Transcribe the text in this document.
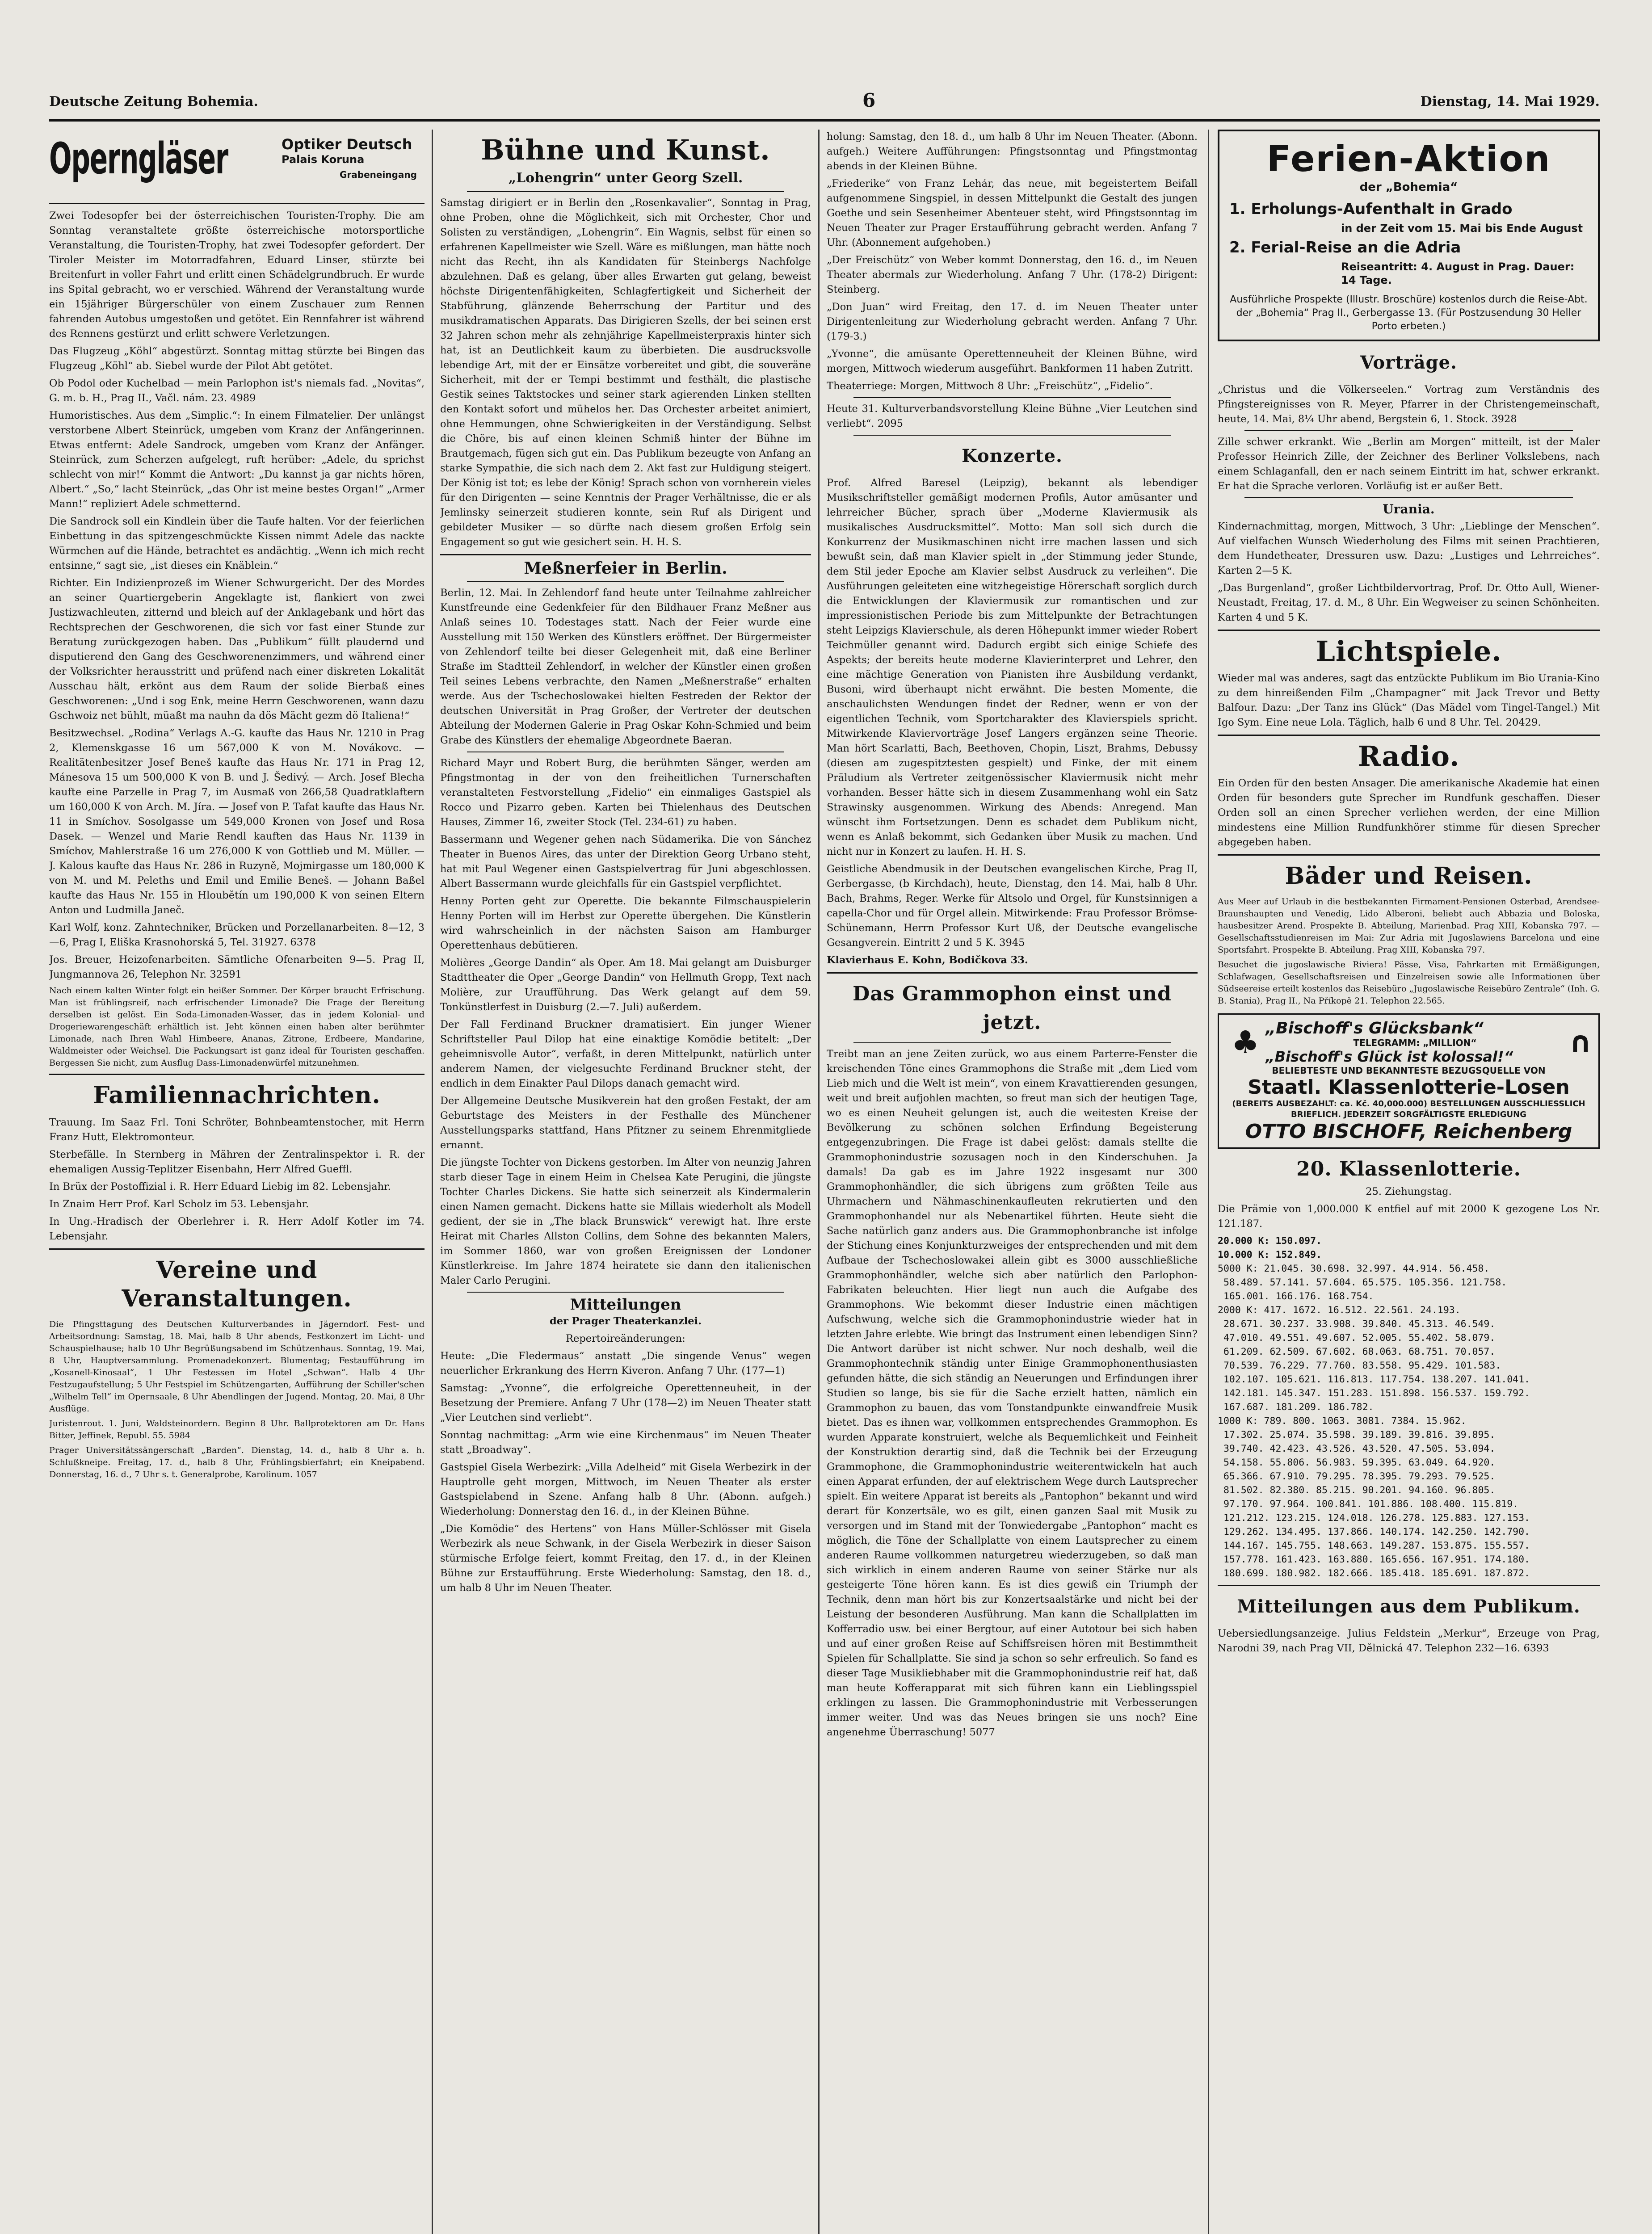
Deutsche Zeitung Bohemia.	6	Dienstag, 14. Mai 1929.
Operngläser	Optiker Deutsch
Palais Koruna
Grabeneingang

Zwei Todesopfer bei der österreichischen Touristen-Trophy. Die am Sonntag veranstaltete größte österreichische motorsportliche Veranstaltung, die Touristen-Trophy, hat zwei Todesopfer gefordert. Der Tiroler Meister im Motorradfahren, Eduard Linser, stürzte bei Breitenfurt in voller Fahrt und erlitt einen Schädelgrundbruch. Er wurde ins Spital gebracht, wo er verschied. Während der Veranstaltung wurde ein 15jähriger Bürgerschüler von einem Zuschauer zum Rennen fahrenden Autobus umgestoßen und getötet. Ein Rennfahrer ist während des Rennens gestürzt und erlitt schwere Verletzungen.

Das Flugzeug „Köhl“ abgestürzt. Sonntag mittag stürzte bei Bingen das Flugzeug „Köhl“ ab. Siebel wurde der Pilot Abt getötet.

Ob Podol oder Kuchelbad — mein Parlophon ist's niemals fad. „Novitas“, G. m. b. H., Prag II., Vačl. nám. 23. 4989

Humoristisches. Aus dem „Simplic.“: In einem Filmatelier. Der unlängst verstorbene Albert Steinrück, umgeben vom Kranz der Anfängerinnen. Etwas entfernt: Adele Sandrock, umgeben vom Kranz der Anfänger. Steinrück, zum Scherzen aufgelegt, ruft herüber: „Adele, du sprichst schlecht von mir!“ Kommt die Antwort: „Du kannst ja gar nichts hören, Albert.“ „So,“ lacht Steinrück, „das Ohr ist meine bestes Organ!“ „Armer Mann!“ repliziert Adele schmetternd.

Die Sandrock soll ein Kindlein über die Taufe halten. Vor der feierlichen Einbettung in das spitzengeschmückte Kissen nimmt Adele das nackte Würmchen auf die Hände, betrachtet es andächtig. „Wenn ich mich recht entsinne,“ sagt sie, „ist dieses ein Knäblein.“

Richter. Ein Indizienprozeß im Wiener Schwurgericht. Der des Mordes an seiner Quartiergeberin Angeklagte ist, flankiert von zwei Justizwachleuten, zitternd und bleich auf der Anklagebank und hört das Rechtsprechen der Geschworenen, die sich vor fast einer Stunde zur Beratung zurückgezogen haben. Das „Publikum“ füllt plaudernd und disputierend den Gang des Geschworenenzimmers, und während einer der Volksrichter herausstritt und prüfend nach einer diskreten Lokalität Ausschau hält, erkönt aus dem Raum der solide Bierbaß eines Geschworenen: „Und i sog Enk, meine Herrn Geschworenen, wann dazu Gschwoiz net bühlt, müaßt ma nauhn da dös Mächt gezm dö Italiena!“

Besitzwechsel. „Rodina“ Verlags A.-G. kaufte das Haus Nr. 1210 in Prag 2, Klemenskgasse 16 um 567,000 K von M. Novákovc. — Realitätenbesitzer Josef Beneš kaufte das Haus Nr. 171 in Prag 12, Mánesova 15 um 500,000 K von B. und J. Šedivý. — Arch. Josef Blecha kaufte eine Parzelle in Prag 7, im Ausmaß von 266,58 Quadratklaftern um 160,000 K von Arch. M. Jíra. — Josef von P. Tafat kaufte das Haus Nr. 11 in Smíchov. Sosolgasse um 549,000 Kronen von Josef und Rosa Dasek. — Wenzel und Marie Rendl kauften das Haus Nr. 1139 in Smíchov, Mahlerstraße 16 um 276,000 K von Gottlieb und M. Müller. — J. Kalous kaufte das Haus Nr. 286 in Ruzyně, Mojmirgasse um 180,000 K von M. und M. Peleths und Emil und Emilie Beneš. — Johann Baßel kaufte das Haus Nr. 155 in Hloubětín um 190,000 K von seinen Eltern Anton und Ludmilla Janeč.

Karl Wolf, konz. Zahntechniker, Brücken und Porzellanarbeiten. 8—12, 3—6, Prag I, Eliška Krasnohorská 5, Tel. 31927. 6378

Jos. Breuer, Heizofenarbeiten. Sämtliche Ofenarbeiten 9—5. Prag II, Jungmannova 26, Telephon Nr. 32591

Nach einem kalten Winter folgt ein heißer Sommer. Der Körper braucht Erfrischung. Man ist frühlingsreif, nach erfrischender Limonade? Die Frage der Bereitung derselben ist gelöst. Ein Soda-Limonaden-Wasser, das in jedem Kolonial- und Drogeriewarengeschäft erhältlich ist. Jeht können einen haben alter berühmter Limonade, nach Ihren Wahl Himbeere, Ananas, Zitrone, Erdbeere, Mandarine, Waldmeister oder Weichsel. Die Packungsart ist ganz ideal für Touristen geschaffen. Bergessen Sie nicht, zum Ausflug Dass-Limonadenwürfel mitzunehmen.

Familiennachrichten.

Trauung. Im Saaz Frl. Toni Schröter, Bohnbeamtenstocher, mit Herrn Franz Hutt, Elektromonteur.

Sterbefälle. In Sternberg in Mähren der Zentralinspektor i. R. der ehemaligen Aussig-Teplitzer Eisenbahn, Herr Alfred Gueffl.

In Brüx der Postoffizial i. R. Herr Eduard Liebig im 82. Lebensjahr.

In Znaim Herr Prof. Karl Scholz im 53. Lebensjahr.

In Ung.-Hradisch der Oberlehrer i. R. Herr Adolf Kotler im 74. Lebensjahr.

Vereine und Veranstaltungen.

Die Pfingsttagung des Deutschen Kulturverbandes in Jägerndorf. Fest- und Arbeitsordnung: Samstag, 18. Mai, halb 8 Uhr abends, Festkonzert im Licht- und Schauspielhause; halb 10 Uhr Begrüßungsabend im Schützenhaus. Sonntag, 19. Mai, 8 Uhr, Hauptversammlung. Promenadekonzert. Blumentag; Festaufführung im „Kosanell-Kinosaal“, 1 Uhr Festessen im Hotel „Schwan“. Halb 4 Uhr Festzugaufstellung; 5 Uhr Festspiel im Schützengarten, Aufführung der Schiller'schen „Wilhelm Tell“ im Opernsaale, 8 Uhr Abendlingen der Jugend. Montag, 20. Mai, 8 Uhr Ausflüge.

Juristenrout. 1. Juni, Waldsteinordern. Beginn 8 Uhr. Ballprotektoren am Dr. Hans Bitter, Jeffinek, Republ. 55. 5984

Prager Universitätssängerschaft „Barden“. Dienstag, 14. d., halb 8 Uhr a. h. Schlußkneipe. Freitag, 17. d., halb 8 Uhr, Frühlingsbierfahrt; ein Kneipabend. Donnerstag, 16. d., 7 Uhr s. t. Generalprobe, Karolinum. 1057

Bühne und Kunst.
„Lohengrin“ unter Georg Szell.

Samstag dirigiert er in Berlin den „Rosenkavalier“, Sonntag in Prag, ohne Proben, ohne die Möglichkeit, sich mit Orchester, Chor und Solisten zu verständigen, „Lohengrin“. Ein Wagnis, selbst für einen so erfahrenen Kapellmeister wie Szell. Wäre es mißlungen, man hätte noch nicht das Recht, ihn als Kandidaten für Steinbergs Nachfolge abzulehnen. Daß es gelang, über alles Erwarten gut gelang, beweist höchste Dirigentenfähigkeiten, Schlagfertigkeit und Sicherheit der Stabführung, glänzende Beherrschung der Partitur und des musikdramatischen Apparats. Das Dirigieren Szells, der bei seinen erst 32 Jahren schon mehr als zehnjährige Kapellmeisterpraxis hinter sich hat, ist an Deutlichkeit kaum zu überbieten. Die ausdrucksvolle lebendige Art, mit der er Einsätze vorbereitet und gibt, die souveräne Sicherheit, mit der er Tempi bestimmt und festhält, die plastische Gestik seines Taktstockes und seiner stark agierenden Linken stellten den Kontakt sofort und mühelos her. Das Orchester arbeitet animiert, ohne Hemmungen, ohne Schwierigkeiten in der Verständigung. Selbst die Chöre, bis auf einen kleinen Schmiß hinter der Bühne im Brautgemach, fügen sich gut ein. Das Publikum bezeugte von Anfang an starke Sympathie, die sich nach dem 2. Akt fast zur Huldigung steigert. Der König ist tot; es lebe der König! Sprach schon von vornherein vieles für den Dirigenten — seine Kenntnis der Prager Verhältnisse, die er als Jemlinsky seinerzeit studieren konnte, sein Ruf als Dirigent und gebildeter Musiker — so dürfte nach diesem großen Erfolg sein Engagement so gut wie gesichert sein. H. H. S.

Meßnerfeier in Berlin.

Berlin, 12. Mai. In Zehlendorf fand heute unter Teilnahme zahlreicher Kunstfreunde eine Gedenkfeier für den Bildhauer Franz Meßner aus Anlaß seines 10. Todestages statt. Nach der Feier wurde eine Ausstellung mit 150 Werken des Künstlers eröffnet. Der Bürgermeister von Zehlendorf teilte bei dieser Gelegenheit mit, daß eine Berliner Straße im Stadtteil Zehlendorf, in welcher der Künstler einen großen Teil seines Lebens verbrachte, den Namen „Meßnerstraße“ erhalten werde. Aus der Tschechoslowakei hielten Festreden der Rektor der deutschen Universität in Prag Großer, der Vertreter der deutschen Abteilung der Modernen Galerie in Prag Oskar Kohn-Schmied und beim Grabe des Künstlers der ehemalige Abgeordnete Baeran.

Richard Mayr und Robert Burg, die berühmten Sänger, werden am Pfingstmontag in der von den freiheitlichen Turnerschaften veranstalteten Festvorstellung „Fidelio“ ein einmaliges Gastspiel als Rocco und Pizarro geben. Karten bei Thielenhaus des Deutschen Hauses, Zimmer 16, zweiter Stock (Tel. 234-61) zu haben.

Bassermann und Wegener gehen nach Südamerika. Die von Sánchez Theater in Buenos Aires, das unter der Direktion Georg Urbano steht, hat mit Paul Wegener einen Gastspielvertrag für Juni abgeschlossen. Albert Bassermann wurde gleichfalls für ein Gastspiel verpflichtet.

Henny Porten geht zur Operette. Die bekannte Filmschauspielerin Henny Porten will im Herbst zur Operette übergehen. Die Künstlerin wird wahrscheinlich in der nächsten Saison am Hamburger Operettenhaus debütieren.

Molières „George Dandin“ als Oper. Am 18. Mai gelangt am Duisburger Stadttheater die Oper „George Dandin“ von Hellmuth Gropp, Text nach Molière, zur Uraufführung. Das Werk gelangt auf dem 59. Tonkünstlerfest in Duisburg (2.—7. Juli) außerdem.

Der Fall Ferdinand Bruckner dramatisiert. Ein junger Wiener Schriftsteller Paul Dilop hat eine einaktige Komödie betitelt: „Der geheimnisvolle Autor“, verfaßt, in deren Mittelpunkt, natürlich unter anderem Namen, der vielgesuchte Ferdinand Bruckner steht, der endlich in dem Einakter Paul Dilops danach gemacht wird.

Der Allgemeine Deutsche Musikverein hat den großen Festakt, der am Geburtstage des Meisters in der Festhalle des Münchener Ausstellungsparks stattfand, Hans Pfitzner zu seinem Ehrenmitgliede ernannt.

Die jüngste Tochter von Dickens gestorben. Im Alter von neunzig Jahren starb dieser Tage in einem Heim in Chelsea Kate Perugini, die jüngste Tochter Charles Dickens. Sie hatte sich seinerzeit als Kindermalerin einen Namen gemacht. Dickens hatte sie Millais wiederholt als Modell gedient, der sie in „The black Brunswick“ verewigt hat. Ihre erste Heirat mit Charles Allston Collins, dem Sohne des bekannten Malers, im Sommer 1860, war von großen Ereignissen der Londoner Künstlerkreise. Im Jahre 1874 heiratete sie dann den italienischen Maler Carlo Perugini.

Mitteilungen

der Prager Theaterkanzlei.

Repertoireänderungen:

Heute: „Die Fledermaus“ anstatt „Die singende Venus“ wegen neuerlicher Erkrankung des Herrn Kiveron. Anfang 7 Uhr. (177—1)

Samstag: „Yvonne“, die erfolgreiche Operettenneuheit, in der Besetzung der Premiere. Anfang 7 Uhr (178—2) im Neuen Theater statt „Vier Leutchen sind verliebt“.

Sonntag nachmittag: „Arm wie eine Kirchenmaus“ im Neuen Theater statt „Broadway“.

Gastspiel Gisela Werbezirk: „Villa Adelheid“ mit Gisela Werbezirk in der Hauptrolle geht morgen, Mittwoch, im Neuen Theater als erster Gastspielabend in Szene. Anfang halb 8 Uhr. (Abonn. aufgeh.) Wiederholung: Donnerstag den 16. d., in der Kleinen Bühne.

„Die Komödie“ des Hertens“ von Hans Müller-Schlösser mit Gisela Werbezirk als neue Schwank, in der Gisela Werbezirk in dieser Saison stürmische Erfolge feiert, kommt Freitag, den 17. d., in der Kleinen Bühne zur Erstaufführung. Erste Wiederholung: Samstag, den 18. d., um halb 8 Uhr im Neuen Theater.

holung: Samstag, den 18. d., um halb 8 Uhr im Neuen Theater. (Abonn. aufgeh.) Weitere Aufführungen: Pfingstsonntag und Pfingstmontag abends in der Kleinen Bühne.

„Friederike“ von Franz Lehár, das neue, mit begeistertem Beifall aufgenommene Singspiel, in dessen Mittelpunkt die Gestalt des jungen Goethe und sein Sesenheimer Abenteuer steht, wird Pfingstsonntag im Neuen Theater zur Prager Erstaufführung gebracht werden. Anfang 7 Uhr. (Abonnement aufgehoben.)

„Der Freischütz“ von Weber kommt Donnerstag, den 16. d., im Neuen Theater abermals zur Wiederholung. Anfang 7 Uhr. (178-2) Dirigent: Steinberg.

„Don Juan“ wird Freitag, den 17. d. im Neuen Theater unter Dirigentenleitung zur Wiederholung gebracht werden. Anfang 7 Uhr. (179-3.)

„Yvonne“, die amüsante Operettenneuheit der Kleinen Bühne, wird morgen, Mittwoch wiederum ausgeführt. Bankformen 11 haben Zutritt.

Theaterriege: Morgen, Mittwoch 8 Uhr: „Freischütz“, „Fidelio“.

Heute 31. Kulturverbandsvorstellung Kleine Bühne „Vier Leutchen sind verliebt“. 2095

Konzerte.

Prof. Alfred Baresel (Leipzig), bekannt als lebendiger Musikschriftsteller gemäßigt modernen Profils, Autor amüsanter und lehrreicher Bücher, sprach über „Moderne Klaviermusik als musikalisches Ausdrucksmittel“. Motto: Man soll sich durch die Konkurrenz der Musikmaschinen nicht irre machen lassen und sich bewußt sein, daß man Klavier spielt in „der Stimmung jeder Stunde, dem Stil jeder Epoche am Klavier selbst Ausdruck zu verleihen“. Die Ausführungen geleiteten eine witzhegeistige Hörerschaft sorglich durch die Entwicklungen der Klaviermusik zur romantischen und zur impressionistischen Periode bis zum Mittelpunkte der Betrachtungen steht Leipzigs Klavierschule, als deren Höhepunkt immer wieder Robert Teichmüller genannt wird. Dadurch ergibt sich einige Schiefe des Aspekts; der bereits heute moderne Klavierinterpret und Lehrer, den eine mächtige Generation von Pianisten ihre Ausbildung verdankt, Busoni, wird überhaupt nicht erwähnt. Die besten Momente, die anschaulichsten Wendungen findet der Redner, wenn er von der eigentlichen Technik, vom Sportcharakter des Klavierspiels spricht. Mitwirkende Klaviervorträge Josef Langers ergänzen seine Theorie. Man hört Scarlatti, Bach, Beethoven, Chopin, Liszt, Brahms, Debussy (diesen am zugespitztesten gespielt) und Finke, der mit einem Präludium als Vertreter zeitgenössischer Klaviermusik nicht mehr vorhanden. Besser hätte sich in diesem Zusammenhang wohl ein Satz Strawinsky ausgenommen. Wirkung des Abends: Anregend. Man wünscht ihm Fortsetzungen. Denn es schadet dem Publikum nicht, wenn es Anlaß bekommt, sich Gedanken über Musik zu machen. Und nicht nur in Konzert zu laufen. H. H. S.

Geistliche Abendmusik in der Deutschen evangelischen Kirche, Prag II, Gerbergasse, (b Kirchdach), heute, Dienstag, den 14. Mai, halb 8 Uhr. Bach, Brahms, Reger. Werke für Altsolo und Orgel, für Kunstsinnigen a capella-Chor und für Orgel allein. Mitwirkende: Frau Professor Brömse-Schünemann, Herrn Professor Kurt Uß, der Deutsche evangelische Gesangverein. Eintritt 2 und 5 K. 3945

Klavierhaus E. Kohn, Bodičkova 33.

Das Grammophon einst und jetzt.

Treibt man an jene Zeiten zurück, wo aus einem Parterre-Fenster die kreischenden Töne eines Grammophons die Straße mit „dem Lied vom Lieb mich und die Welt ist mein“, von einem Kravattierenden gesungen, weit und breit aufjohlen machten, so freut man sich der heutigen Tage, wo es einen Neuheit gelungen ist, auch die weitesten Kreise der Bevölkerung zu schönen solchen Erfindung Begeisterung entgegenzubringen. Die Frage ist dabei gelöst: damals stellte die Grammophonindustrie sozusagen noch in den Kinderschuhen. Ja damals! Da gab es im Jahre 1922 insgesamt nur 300 Grammophonhändler, die sich übrigens zum größten Teile aus Uhrmachern und Nähmaschinenkaufleuten rekrutierten und den Grammophonhandel nur als Nebenartikel führten. Heute sieht die Sache natürlich ganz anders aus. Die Grammophonbranche ist infolge der Stichung eines Konjunkturzweiges der entsprechenden und mit dem Aufbaue der Tschechoslowakei allein gibt es 3000 ausschließliche Grammophonhändler, welche sich aber natürlich den Parlophon-Fabrikaten beleuchten. Hier liegt nun auch die Aufgabe des Grammophons. Wie bekommt dieser Industrie einen mächtigen Aufschwung, welche sich die Grammophonindustrie wieder hat in letzten Jahre erlebte. Wie bringt das Instrument einen lebendigen Sinn? Die Antwort darüber ist nicht schwer. Nur noch deshalb, weil die Grammophontechnik ständig unter Einige Grammophonenthusiasten gefunden hätte, die sich ständig an Neuerungen und Erfindungen ihrer Studien so lange, bis sie für die Sache erzielt hatten, nämlich ein Grammophon zu bauen, das vom Tonstandpunkte einwandfreie Musik bietet. Das es ihnen war, vollkommen entsprechendes Grammophon. Es wurden Apparate konstruiert, welche als Bequemlichkeit und Feinheit der Konstruktion derartig sind, daß die Technik bei der Erzeugung Grammophone, die Grammophonindustrie weiterentwickeln hat auch einen Apparat erfunden, der auf elektrischem Wege durch Lautsprecher spielt. Ein weitere Apparat ist bereits als „Pantophon“ bekannt und wird derart für Konzertsäle, wo es gilt, einen ganzen Saal mit Musik zu versorgen und im Stand mit der Tonwiedergabe „Pantophon“ macht es möglich, die Töne der Schallplatte von einem Lautsprecher zu einem anderen Raume vollkommen naturgetreu wiederzugeben, so daß man sich wirklich in einem anderen Raume von seiner Stärke nur als gesteigerte Töne hören kann. Es ist dies gewiß ein Triumph der Technik, denn man hört bis zur Konzertsaalstärke und nicht bei der Leistung der besonderen Ausführung. Man kann die Schallplatten im Kofferradio usw. bei einer Bergtour, auf einer Autotour bei sich haben und auf einer großen Reise auf Schiffsreisen hören mit Bestimmtheit Spielen für Schallplatte. Sie sind ja schon so sehr erfreulich. So fand es dieser Tage Musikliebhaber mit die Grammophonindustrie reif hat, daß man heute Kofferapparat mit sich führen kann ein Lieblingsspiel erklingen zu lassen. Die Grammophonindustrie mit Verbesserungen immer weiter. Und was das Neues bringen sie uns noch? Eine angenehme Überraschung! 5077

Ferien-Aktion
der „Bohemia“
1. Erholungs-Aufenthalt in Grado
in der Zeit vom 15. Mai bis Ende August
2. Ferial-Reise an die Adria
Reiseantritt: 4. August in Prag. Dauer: 14 Tage.
Ausführliche Prospekte (Illustr. Broschüre) kostenlos durch die Reise-Abt. der „Bohemia“ Prag II., Gerbergasse 13. (Für Postzusendung 30 Heller Porto erbeten.)
Vorträge.

„Christus und die Völkerseelen.“ Vortrag zum Verständnis des Pfingstereignisses von R. Meyer, Pfarrer in der Christengemeinschaft, heute, 14. Mai, 8¼ Uhr abend, Bergstein 6, 1. Stock. 3928

Zille schwer erkrankt. Wie „Berlin am Morgen“ mitteilt, ist der Maler Professor Heinrich Zille, der Zeichner des Berliner Volkslebens, nach einem Schlaganfall, den er nach seinem Eintritt im hat, schwer erkrankt. Er hat die Sprache verloren. Vorläufig ist er außer Bett.

Urania.

Kindernachmittag, morgen, Mittwoch, 3 Uhr: „Lieblinge der Menschen“. Auf vielfachen Wunsch Wiederholung des Films mit seinen Prachtieren, dem Hundetheater, Dressuren usw. Dazu: „Lustiges und Lehrreiches“. Karten 2—5 K.

„Das Burgenland“, großer Lichtbildervortrag, Prof. Dr. Otto Aull, Wiener-Neustadt, Freitag, 17. d. M., 8 Uhr. Ein Wegweiser zu seinen Schönheiten. Karten 4 und 5 K.

Lichtspiele.

Wieder mal was anderes, sagt das entzückte Publikum im Bio Urania-Kino zu dem hinreißenden Film „Champagner“ mit Jack Trevor und Betty Balfour. Dazu: „Der Tanz ins Glück“ (Das Mädel vom Tingel-Tangel.) Mit Igo Sym. Eine neue Lola. Täglich, halb 6 und 8 Uhr. Tel. 20429.

Radio.

Ein Orden für den besten Ansager. Die amerikanische Akademie hat einen Orden für besonders gute Sprecher im Rundfunk geschaffen. Dieser Orden soll an einen Sprecher verliehen werden, der eine Million mindestens eine Million Rundfunkhörer stimme für diesen Sprecher abgegeben haben.

Bäder und Reisen.

Aus Meer auf Urlaub in die bestbekannten Firmament-Pensionen Osterbad, Arendsee-Braunshaupten und Venedig, Lido Alberoni, beliebt auch Abbazia und Boloska, hausbesitzer Arend. Prospekte B. Abteilung, Marienbad. Prag XIII, Kobanska 797. — Gesellschaftsstudienreisen im Mai: Zur Adria mit Jugoslawiens Barcelona und eine Sportsfahrt. Prospekte B. Abteilung. Prag XIII, Kobanska 797.

Besuchet die jugoslawische Riviera! Pässe, Visa, Fahrkarten mit Ermäßigungen, Schlafwagen, Gesellschaftsreisen und Einzelreisen sowie alle Informationen über Südseereise erteilt kostenlos das Reisebüro „Jugoslawische Reisebüro Zentrale“ (Inh. G. B. Stania), Prag II., Na Příkopě 21. Telephon 22.565.

♣ „Bischoff's Glücksbank“
TELEGRAMM: „MILLION“
„Bischoff's Glück ist kolossal!“	∩
BELIEBTESTE UND BEKANNTESTE BEZUGSQUELLE VON
Staatl. Klassenlotterie-Losen
(BEREITS AUSBEZAHLT: ca. Kč. 40,000.000) BESTELLUNGEN AUSSCHLIESSLICH BRIEFLICH. JEDERZEIT SORGFÄLTIGSTE ERLEDIGUNG
OTTO BISCHOFF, Reichenberg
20. Klassenlotterie.

25. Ziehungstag.

Die Prämie von 1,000.000 K entfiel auf mit 2000 K gezogene Los Nr. 121.187.

20.000 K: 150.097.
10.000 K: 152.849.
5000 K: 21.045. 30.698. 32.997. 44.914. 56.458.
58.489. 57.141. 57.604. 65.575. 105.356. 121.758.
165.001. 166.176. 168.754.
2000 K: 417. 1672. 16.512. 22.561. 24.193.
28.671. 30.237. 33.908. 39.840. 45.313. 46.549.
47.010. 49.551. 49.607. 52.005. 55.402. 58.079.
61.209. 62.509. 67.602. 68.063. 68.751. 70.057.
70.539. 76.229. 77.760. 83.558. 95.429. 101.583.
102.107. 105.621. 116.813. 117.754. 138.207. 141.041.
142.181. 145.347. 151.283. 151.898. 156.537. 159.792.
167.687. 181.209. 186.782.
1000 K: 789. 800. 1063. 3081. 7384. 15.962.
17.302. 25.074. 35.598. 39.189. 39.816. 39.895.
39.740. 42.423. 43.526. 43.520. 47.505. 53.094.
54.158. 55.806. 56.983. 59.395. 63.049. 64.920.
65.366. 67.910. 79.295. 78.395. 79.293. 79.525.
81.502. 82.380. 85.215. 90.201. 94.160. 96.805.
97.170. 97.964. 100.841. 101.886. 108.400. 115.819.
121.212. 123.215. 124.018. 126.278. 125.883. 127.153.
129.262. 134.495. 137.866. 140.174. 142.250. 142.790.
144.167. 145.755. 148.663. 149.287. 153.875. 155.557.
157.778. 161.423. 163.880. 165.656. 167.951. 174.180.
180.699. 180.982. 182.666. 185.418. 185.691. 187.872.
Mitteilungen aus dem Publikum.

Uebersiedlungsanzeige. Julius Feldstein „Merkur“, Erzeuge von Prag, Narodni 39, nach Prag VII, Dělnická 47. Telephon 232—16. 6393
